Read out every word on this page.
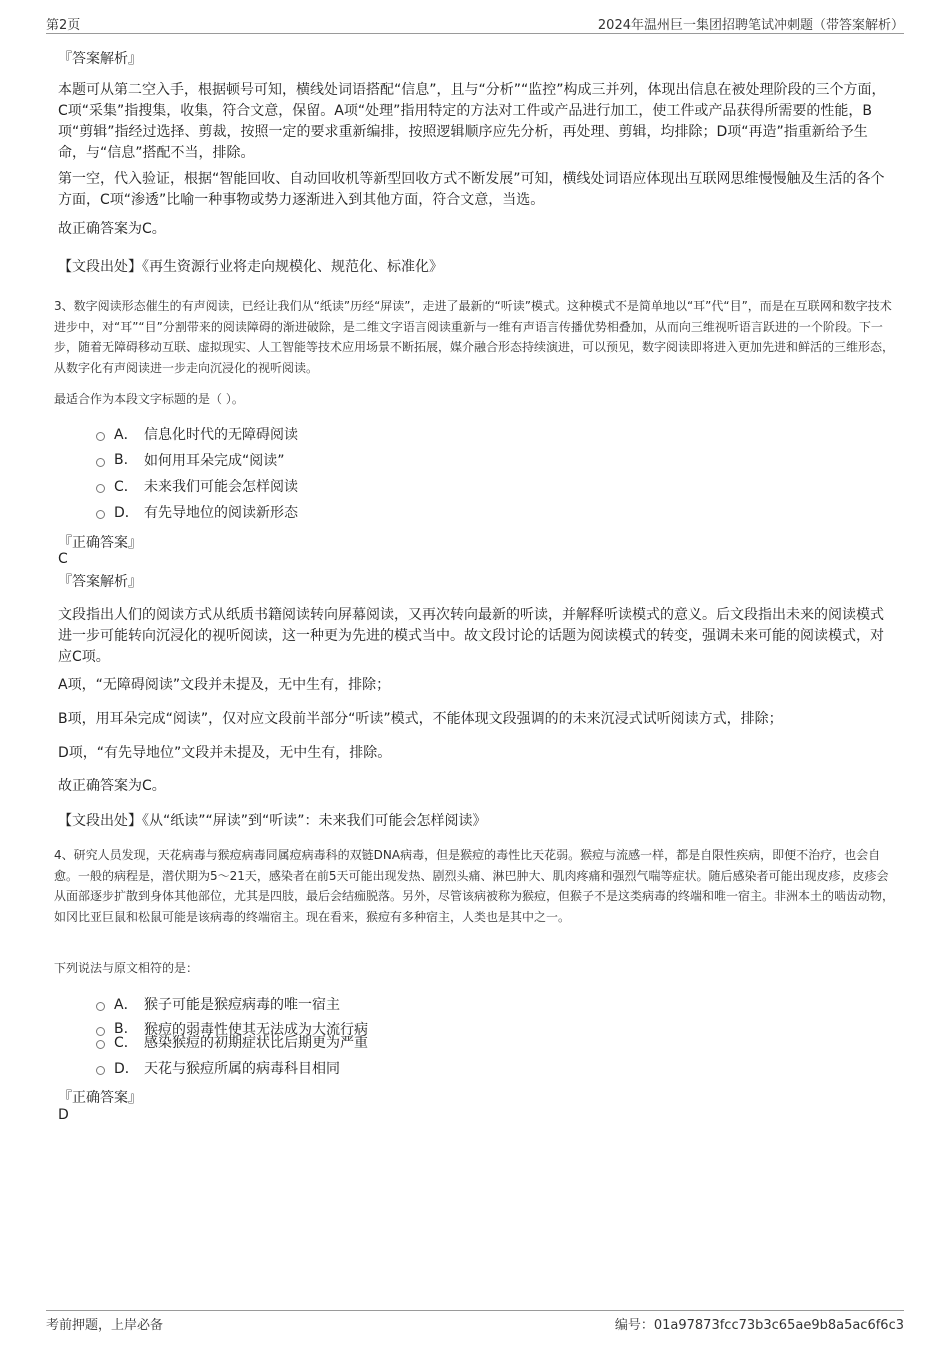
第2页	2024年温州巨一集团招聘笔试冲刺题（带答案解析）
『答案解析』
本题可从第二空入手，根据顿号可知，横线处词语搭配“信息”，且与“分析”“监控”构成三并列，体现出信息在被处理阶段的三个方面，C项“采集”指搜集，收集，符合文意，保留。A项“处理”指用特定的方法对工件或产品进行加工，使工件或产品获得所需要的性能，B项“剪辑”指经过选择、剪裁，按照一定的要求重新编排，按照逻辑顺序应先分析，再处理、剪辑，均排除；D项“再造”指重新给予生命，与“信息”搭配不当，排除。
第一空，代入验证，根据“智能回收、自动回收机等新型回收方式不断发展”可知，横线处词语应体现出互联网思维慢慢触及生活的各个方面，C项“渗透”比喻一种事物或势力逐渐进入到其他方面，符合文意，当选。
故正确答案为C。
【文段出处】《再生资源行业将走向规模化、规范化、标准化》
3、数字阅读形态催生的有声阅读，已经让我们从“纸读”历经“屏读”，走进了最新的“听读”模式。这种模式不是简单地以“耳”代“目”，而是在互联网和数字技术进步中，对“耳”“目”分割带来的阅读障碍的渐进破除，是二维文字语言阅读重新与一维有声语言传播优势相叠加，从而向三维视听语言跃进的一个阶段。下一步，随着无障碍移动互联、虚拟现实、人工智能等技术应用场景不断拓展，媒介融合形态持续演进，可以预见，数字阅读即将进入更加先进和鲜活的三维形态，从数字化有声阅读进一步走向沉浸化的视听阅读。
最适合作为本段文字标题的是（ ）。
A． 信息化时代的无障碍阅读
B.	如何用耳朵完成“阅读”
C． 未来我们可能会怎样阅读
D． 有先导地位的阅读新形态
『正确答案』
C
『答案解析』
文段指出人们的阅读方式从纸质书籍阅读转向屏幕阅读，又再次转向最新的听读，并解释听读模式的意义。后文段指出未来的阅读模式进一步可能转向沉浸化的视听阅读，这一种更为先进的模式当中。故文段讨论的话题为阅读模式的转变，强调未来可能的阅读模式，对应C项。
A项，“无障碍阅读”文段并未提及，无中生有，排除；
B项，用耳朵完成“阅读”，仅对应文段前半部分“听读”模式，不能体现文段强调的的未来沉浸式试听阅读方式，排除；
D项，“有先导地位”文段并未提及，无中生有，排除。
故正确答案为C。
【文段出处】《从“纸读”“屏读”到“听读”：未来我们可能会怎样阅读》
4、研究人员发现，天花病毒与猴痘病毒同属痘病毒科的双链DNA病毒，但是猴痘的毒性比天花弱。猴痘与流感一样，都是自限性疾病，即便不治疗，也会自愈。一般的病程是，潜伏期为5～21天，感染者在前5天可能出现发热、剧烈头痛、淋巴肿大、肌肉疼痛和强烈气喘等症状。随后感染者可能出现皮疹，皮疹会从面部逐步扩散到身体其他部位，尤其是四肢，最后会结痂脱落。另外，尽管该病被称为猴痘，但猴子不是这类病毒的终端和唯一宿主。非洲本土的啮齿动物，如冈比亚巨鼠和松鼠可能是该病毒的终端宿主。现在看来，猴痘有多种宿主，人类也是其中之一。
下列说法与原文相符的是：
A． 猴子可能是猴痘病毒的唯一宿主
B.	猴痘的弱毒性使其无法成为大流行病
C． 感染猴痘的初期症状比后期更为严重
D． 天花与猴痘所属的病毒科目相同
『正确答案』
D
考前押题，上岸必备	编号：01a97873fcc73b3c65ae9b8a5ac6f6c3
